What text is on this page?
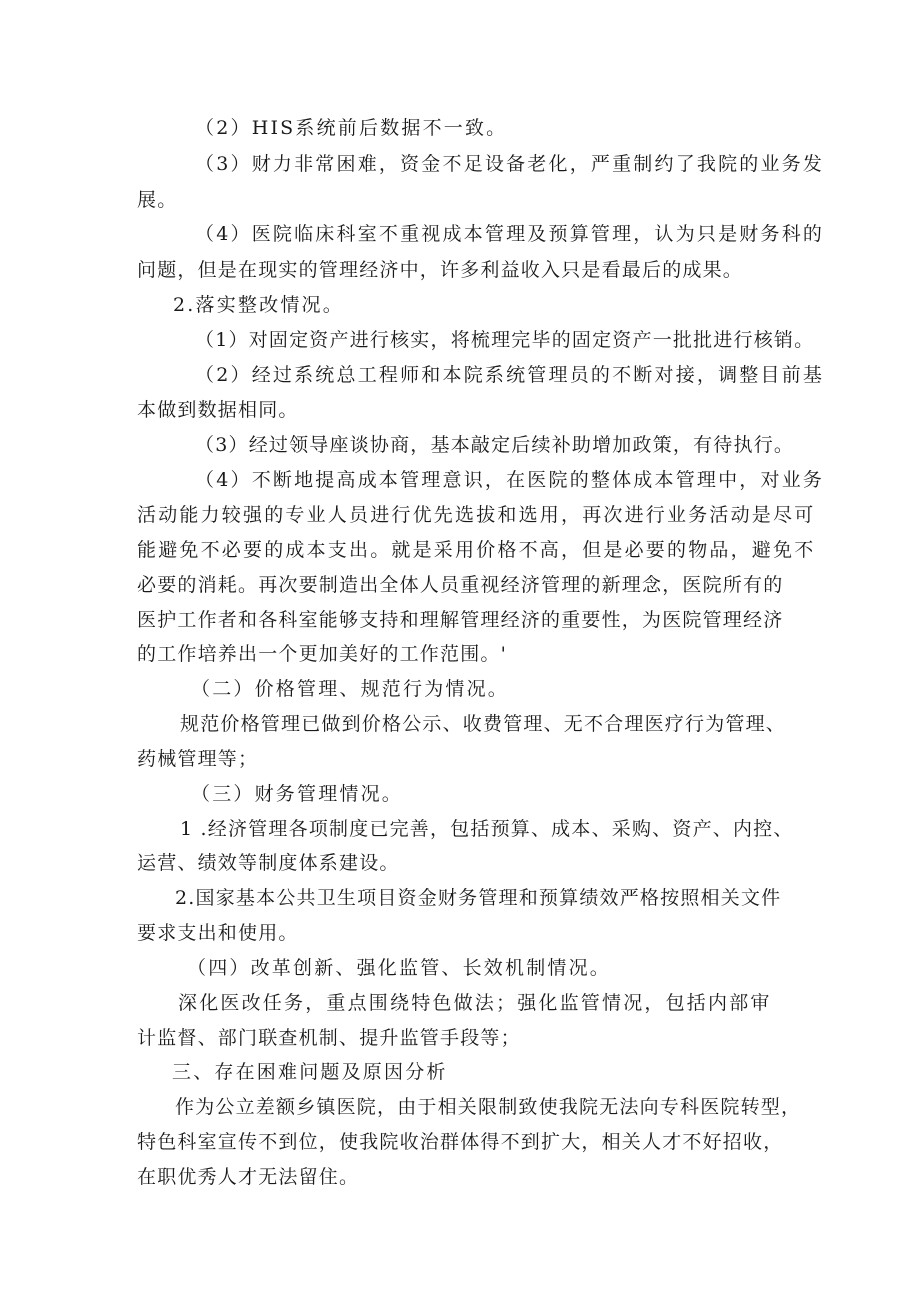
（2）HIS系统前后数据不一致。
（3）财力非常困难，资金不足设备老化，严重制约了我院的业务发
展。
（4）医院临床科室不重视成本管理及预算管理，认为只是财务科的
问题，但是在现实的管理经济中，许多利益收入只是看最后的成果。
2.落实整改情况。
（1）对固定资产进行核实，将梳理完毕的固定资产一批批进行核销。
（2）经过系统总工程师和本院系统管理员的不断对接，调整目前基
本做到数据相同。
（3）经过领导座谈协商，基本敲定后续补助增加政策，有待执行。
（4）不断地提高成本管理意识，在医院的整体成本管理中，对业务
活动能力较强的专业人员进行优先选拔和选用，再次进行业务活动是尽可
能避免不必要的成本支出。就是采用价格不高，但是必要的物品，避免不
必要的消耗。再次要制造出全体人员重视经济管理的新理念，医院所有的
医护工作者和各科室能够支持和理解管理经济的重要性，为医院管理经济
的工作培养出一个更加美好的工作范围。'
（二）价格管理、规范行为情况。
规范价格管理已做到价格公示、收费管理、无不合理医疗行为管理、
药械管理等；
（三）财务管理情况。
1 .经济管理各项制度已完善，包括预算、成本、采购、资产、内控、
运营、绩效等制度体系建设。
2.国家基本公共卫生项目资金财务管理和预算绩效严格按照相关文件
要求支出和使用。
（四）改革创新、强化监管、长效机制情况。
深化医改任务，重点围绕特色做法；强化监管情况，包括内部审
计监督、部门联查机制、提升监管手段等；
三、存在困难问题及原因分析
作为公立差额乡镇医院，由于相关限制致使我院无法向专科医院转型，
特色科室宣传不到位，使我院收治群体得不到扩大，相关人才不好招收，
在职优秀人才无法留住。
